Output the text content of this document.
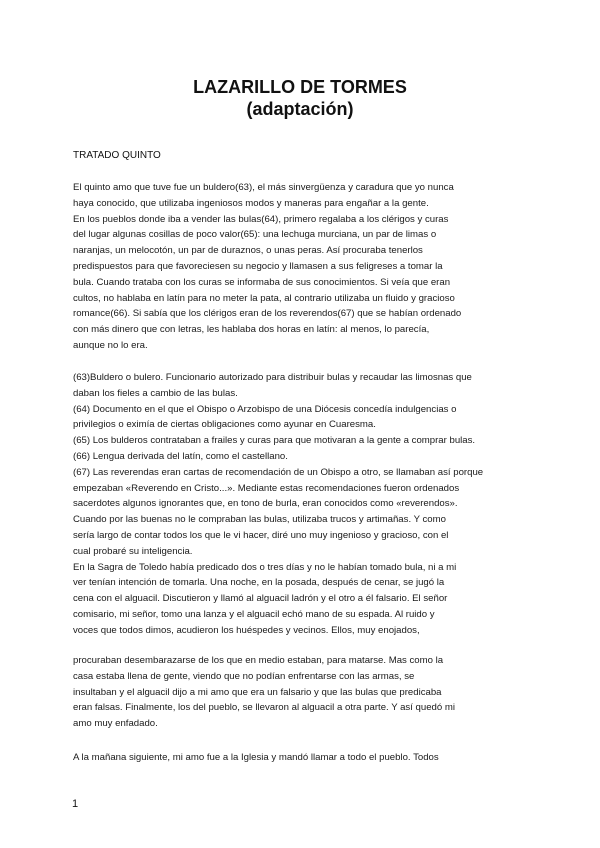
LAZARILLO DE TORMES
(adaptación)
TRATADO QUINTO
El quinto amo que tuve fue un buldero(63), el más sinvergüenza y caradura que yo nunca
haya conocido, que utilizaba ingeniosos modos y maneras para engañar a la gente.
En los pueblos donde iba a vender las bulas(64), primero regalaba a los clérigos y curas
del lugar algunas cosillas de poco valor(65): una lechuga murciana, un par de limas o
naranjas, un melocotón, un par de duraznos, o unas peras. Así procuraba tenerlos
predispuestos para que favoreciesen su negocio y llamasen a sus feligreses a tomar la
bula. Cuando trataba con los curas se informaba de sus conocimientos. Si veía que eran
cultos, no hablaba en latín para no meter la pata, al contrario utilizaba un fluido y gracioso
romance(66). Si sabía que los clérigos eran de los reverendos(67) que se habían ordenado
con más dinero que con letras, les hablaba dos horas en latín: al menos, lo parecía,
aunque no lo era.
(63)Buldero o bulero. Funcionario autorizado para distribuir bulas y recaudar las limosnas que
daban los fieles a cambio de las bulas.
(64) Documento en el que el Obispo o Arzobispo de una Diócesis concedía indulgencias o
privilegios o eximía de ciertas obligaciones como ayunar en Cuaresma.
(65) Los bulderos contrataban a frailes y curas para que motivaran a la gente a comprar bulas.
(66) Lengua derivada del latín, como el castellano.
(67) Las reverendas eran cartas de recomendación de un Obispo a otro, se llamaban así porque
empezaban «Reverendo en Cristo...». Mediante estas recomendaciones fueron ordenados
sacerdotes algunos ignorantes que, en tono de burla, eran conocidos como «reverendos».
Cuando por las buenas no le compraban las bulas, utilizaba trucos y artimañas. Y como
sería largo de contar todos los que le vi hacer, diré uno muy ingenioso y gracioso, con el
cual probaré su inteligencia.
En la Sagra de Toledo había predicado dos o tres días y no le habían tomado bula, ni a mi
ver tenían intención de tomarla. Una noche, en la posada, después de cenar, se jugó la
cena con el alguacil. Discutieron y llamó al alguacil ladrón y el otro a él falsario. El señor
comisario, mi señor, tomo una lanza y el alguacil echó mano de su espada. Al ruido y
voces que todos dimos, acudieron los huéspedes y vecinos. Ellos, muy enojados,
procuraban desembarazarse de los que en medio estaban, para matarse. Mas como la
casa estaba llena de gente, viendo que no podían enfrentarse con las armas, se
insultaban y el alguacil dijo a mi amo que era un falsario y que las bulas que predicaba
eran falsas. Finalmente, los del pueblo, se llevaron al alguacil a otra parte. Y así quedó mi
amo muy enfadado.
A la mañana siguiente, mi amo fue a la Iglesia y mandó llamar a todo el pueblo. Todos
1
